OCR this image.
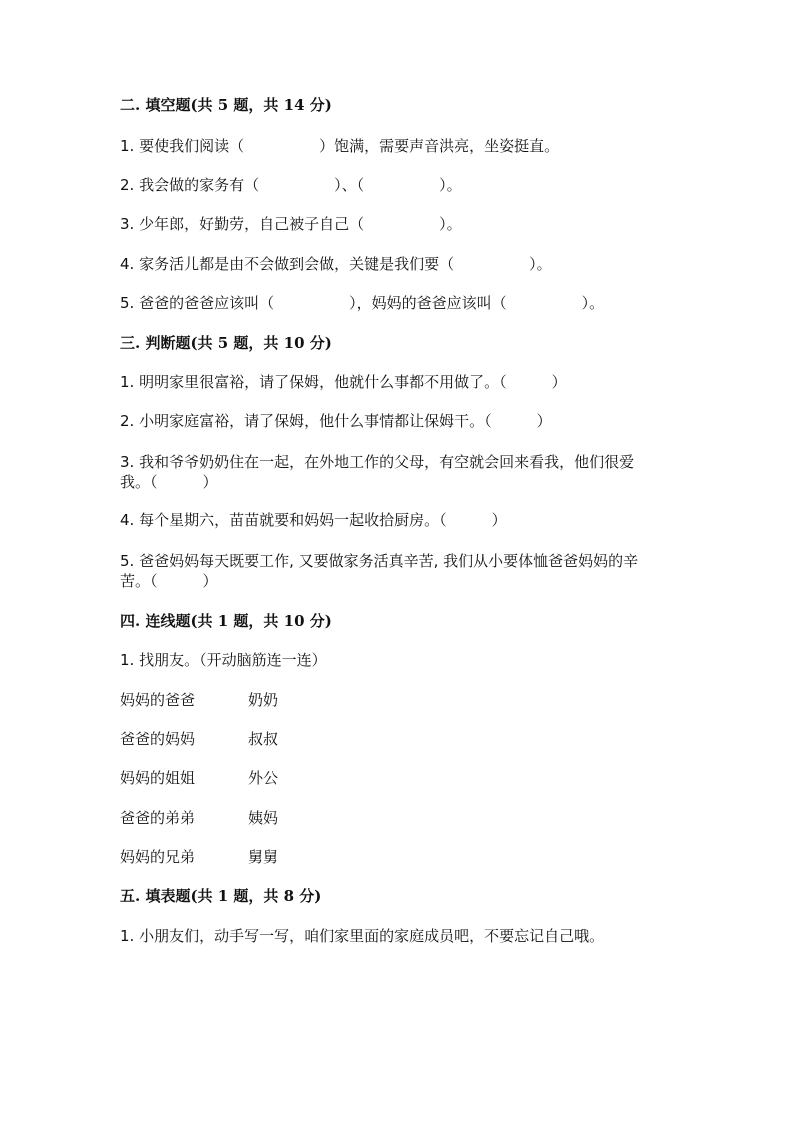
二. 填空题(共 5 题，共 14 分)
1. 要使我们阅读（　　　　　）饱满，需要声音洪亮，坐姿挺直。
2. 我会做的家务有（　　　　　）、（　　　　　）。
3. 少年郎，好勤劳，自己被子自己（　　　　　）。
4. 家务活儿都是由不会做到会做，关键是我们要（　　　　　）。
5. 爸爸的爸爸应该叫（　　　　　），妈妈的爸爸应该叫（　　　　　）。
三. 判断题(共 5 题，共 10 分)
1. 明明家里很富裕，请了保姆，他就什么事都不用做了。（　　　）
2. 小明家庭富裕，请了保姆，他什么事情都让保姆干。（　　　）
3. 我和爷爷奶奶住在一起，在外地工作的父母，有空就会回来看我，他们很爱
我。（　　　）
4. 每个星期六，苗苗就要和妈妈一起收拾厨房。（　　　）
5. 爸爸妈妈每天既要工作, 又要做家务活真辛苦, 我们从小要体恤爸爸妈妈的辛
苦。（　　　）
四. 连线题(共 1 题，共 10 分)
1. 找朋友。（开动脑筋连一连）
妈妈的爸爸	奶奶
爸爸的妈妈	叔叔
妈妈的姐姐	外公
爸爸的弟弟	姨妈
妈妈的兄弟	舅舅
五. 填表题(共 1 题，共 8 分)
1. 小朋友们，动手写一写，咱们家里面的家庭成员吧，不要忘记自己哦。
